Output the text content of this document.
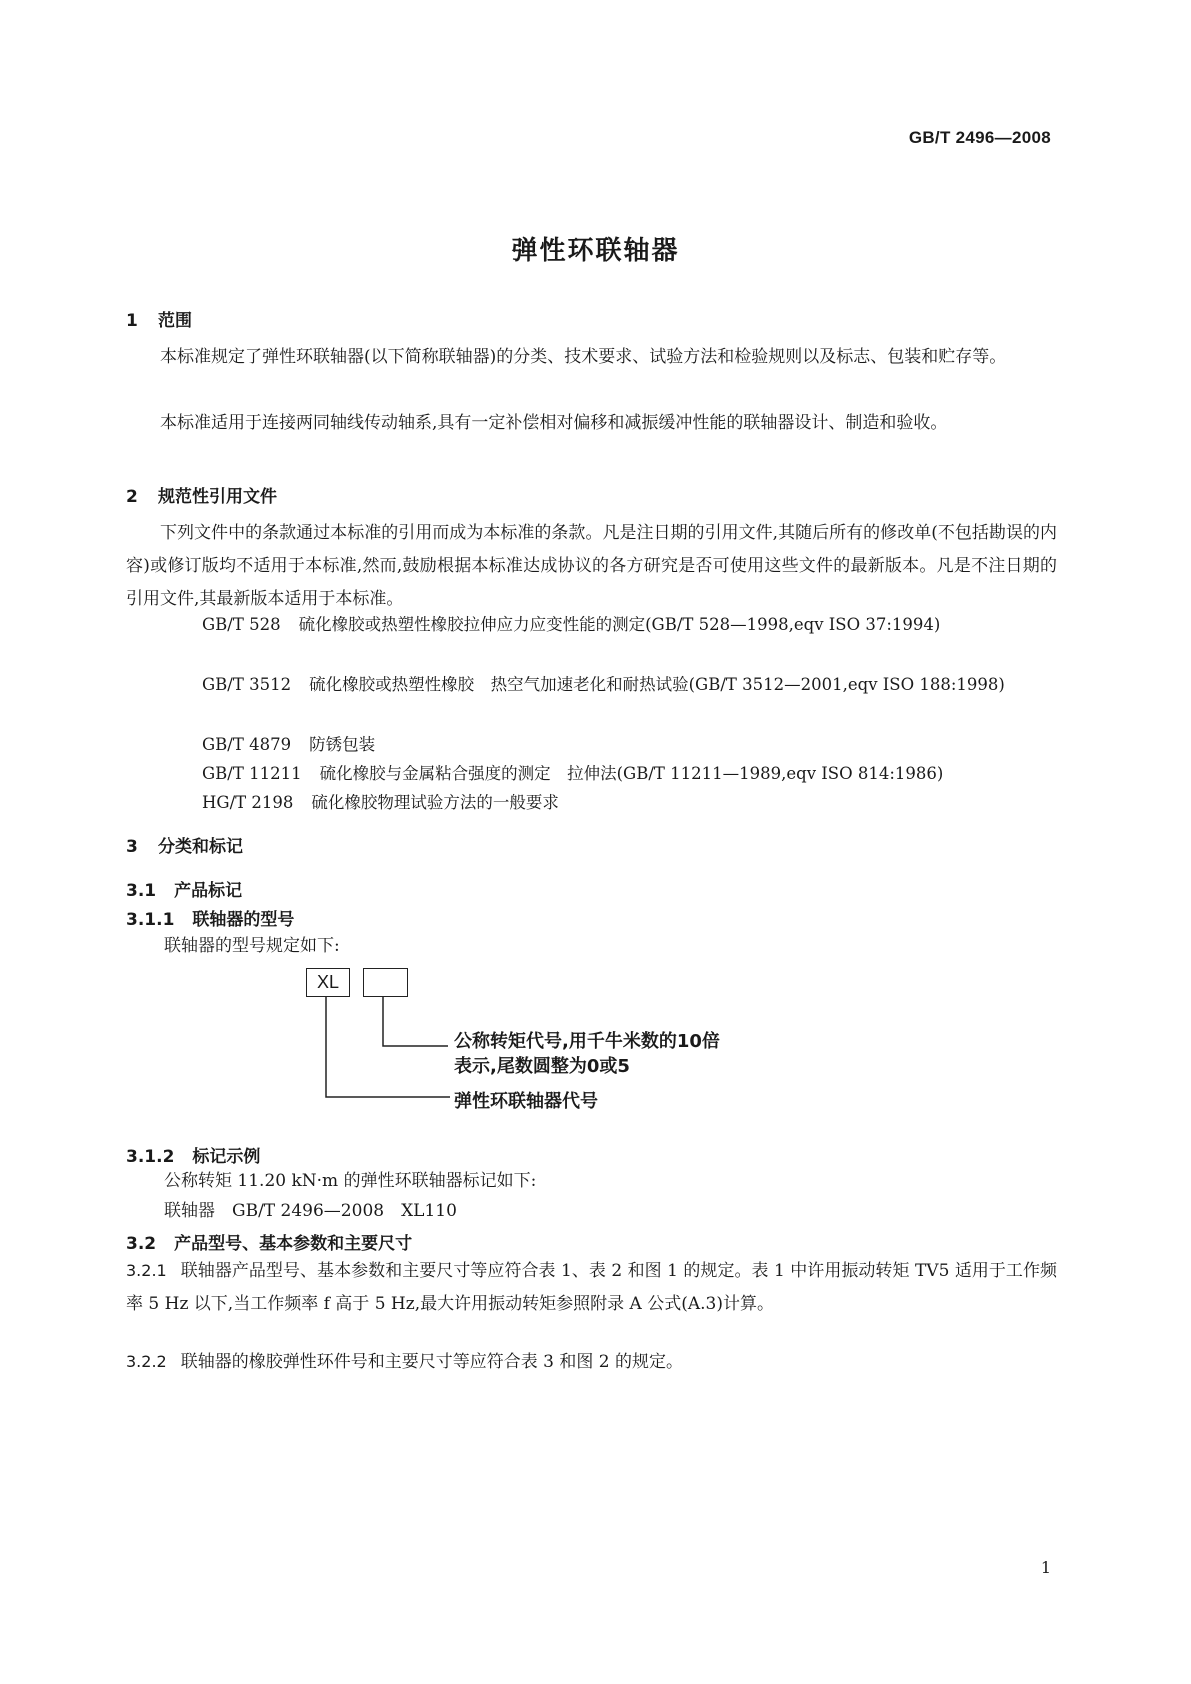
GB/T 2496—2008
弹性环联轴器
1 范围
本标准规定了弹性环联轴器(以下简称联轴器)的分类、技术要求、试验方法和检验规则以及标志、包装和贮存等。
本标准适用于连接两同轴线传动轴系,具有一定补偿相对偏移和减振缓冲性能的联轴器设计、制造和验收。
2 规范性引用文件
下列文件中的条款通过本标准的引用而成为本标准的条款。凡是注日期的引用文件,其随后所有的修改单(不包括勘误的内容)或修订版均不适用于本标准,然而,鼓励根据本标准达成协议的各方研究是否可使用这些文件的最新版本。凡是不注日期的引用文件,其最新版本适用于本标准。
GB/T 528 硫化橡胶或热塑性橡胶拉伸应力应变性能的测定(GB/T 528—1998,eqv ISO 37:1994)
GB/T 3512 硫化橡胶或热塑性橡胶　热空气加速老化和耐热试验(GB/T 3512—2001,eqv ISO 188:1998)
GB/T 4879 防锈包装
GB/T 11211 硫化橡胶与金属粘合强度的测定　拉伸法(GB/T 11211—1989,eqv ISO 814:1986)
HG/T 2198 硫化橡胶物理试验方法的一般要求
3 分类和标记
3.1 产品标记
3.1.1 联轴器的型号
联轴器的型号规定如下:
XL
公称转矩代号,用千牛米数的10倍
表示,尾数圆整为0或5
弹性环联轴器代号
3.1.2 标记示例
公称转矩 11.20 kN·m 的弹性环联轴器标记如下:
联轴器　GB/T 2496—2008　XL110
3.2 产品型号、基本参数和主要尺寸
3.2.1 联轴器产品型号、基本参数和主要尺寸等应符合表 1、表 2 和图 1 的规定。表 1 中许用振动转矩 TV5 适用于工作频率 5 Hz 以下,当工作频率 f 高于 5 Hz,最大许用振动转矩参照附录 A 公式(A.3)计算。
3.2.2 联轴器的橡胶弹性环件号和主要尺寸等应符合表 3 和图 2 的规定。
1
